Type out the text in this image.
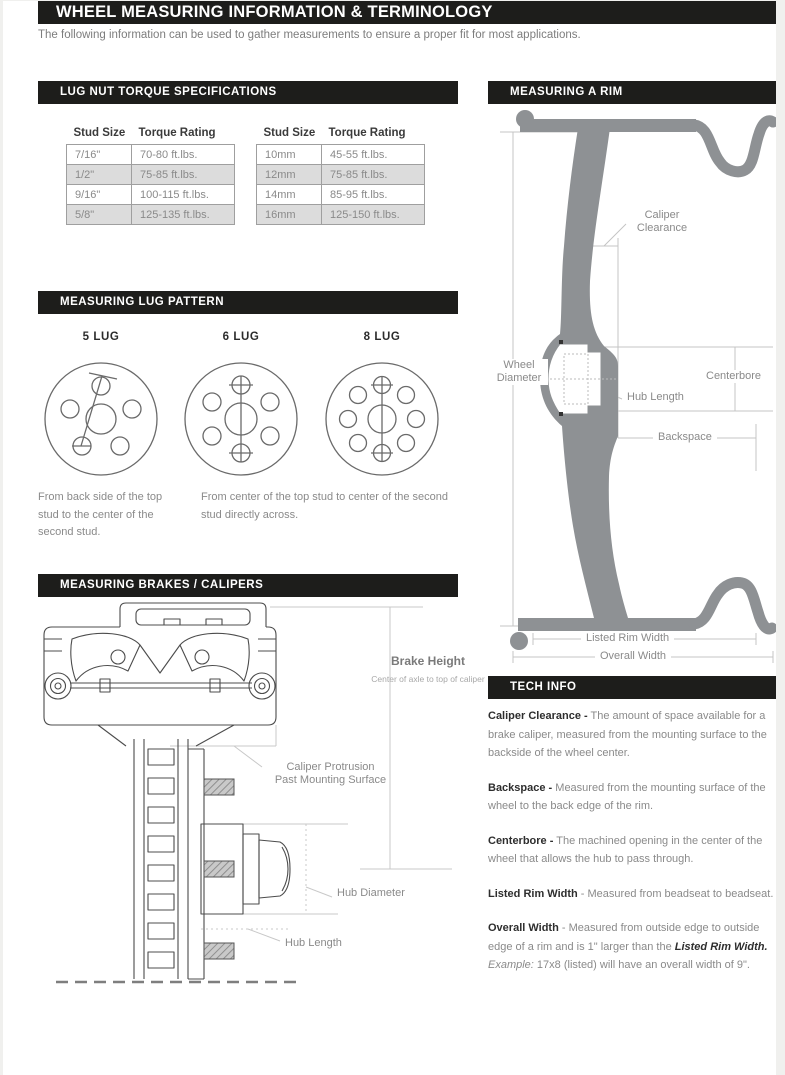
WHEEL MEASURING INFORMATION & TERMINOLOGY
The following information can be used to gather measurements to ensure a proper fit for most applications.
LUG NUT TORQUE SPECIFICATIONS
Stud Size	Torque Rating
7/16"	70-80 ft.lbs.
1/2"	75-85 ft.lbs.
9/16"	100-115 ft.lbs.
5/8"	125-135 ft.lbs.
Stud Size	Torque Rating
10mm	45-55 ft.lbs.
12mm	75-85 ft.lbs.
14mm	85-95 ft.lbs.
16mm	125-150 ft.lbs.
MEASURING LUG PATTERN
5 LUG	6 LUG	8 LUG
From back side of the top stud to the center of the second stud.
From center of the top stud to center of the second stud directly across.
MEASURING BRAKES / CALIPERS
Brake Height
Center of axle to top of caliper
Caliper Protrusion
Past Mounting Surface
Hub Diameter
Hub Length
MEASURING A RIM
Caliper
Clearance
Wheel
Diameter	Centerbore
Hub Length
Backspace
Listed Rim Width
Overall Width
TECH INFO

Caliper Clearance - The amount of space available for a brake caliper, measured from the mounting surface to the backside of the wheel center.

Backspace - Measured from the mounting surface of the wheel to the back edge of the rim.

Centerbore - The machined opening in the center of the wheel that allows the hub to pass through.

Listed Rim Width - Measured from beadseat to beadseat.

Overall Width - Measured from outside edge to outside edge of a rim and is 1" larger than the Listed Rim Width.
Example: 17x8 (listed) will have an overall width of 9".
